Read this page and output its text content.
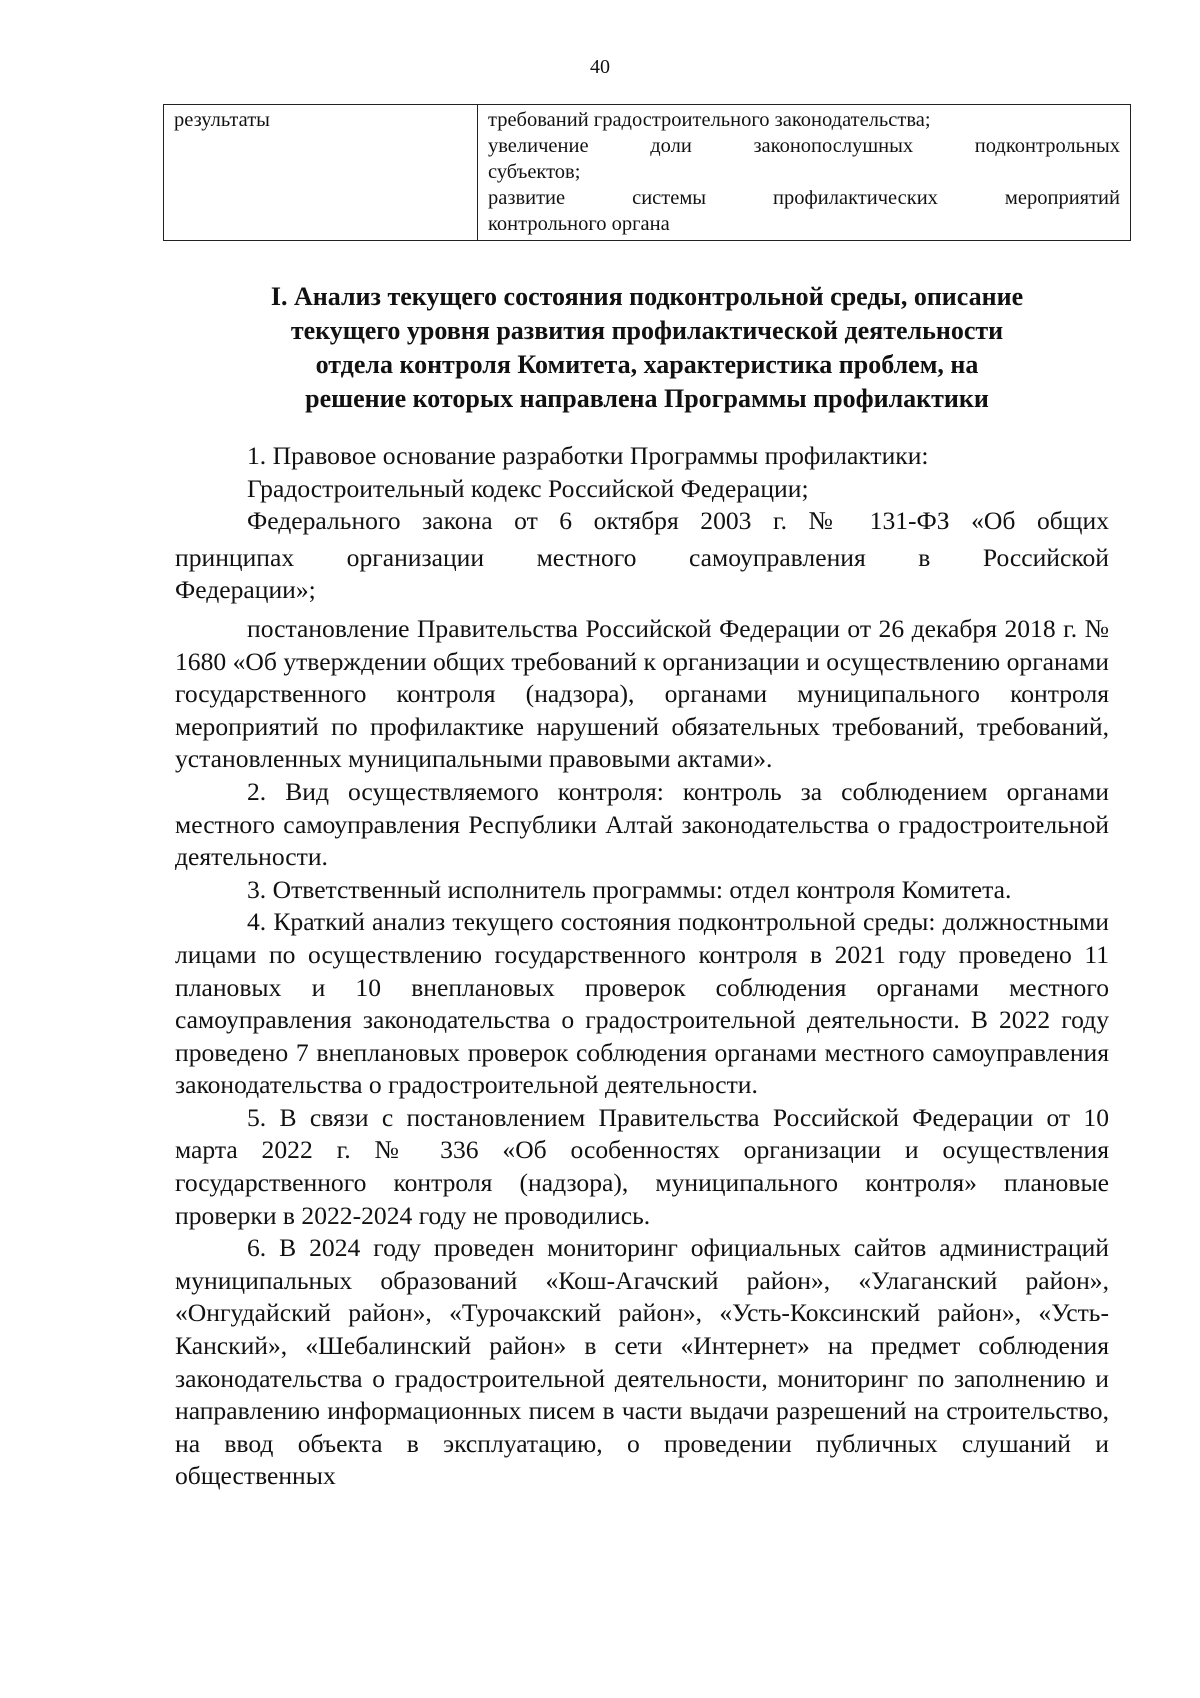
40
результаты	требований градостроительного законодательства;
увеличение доли законопослушных подконтрольных
субъектов;
развитие системы профилактических мероприятий
контрольного органа
I. Анализ текущего состояния подконтрольной среды, описание
текущего уровня развития профилактической деятельности
отдела контроля Комитета, характеристика проблем, на
решение которых направлена Программы профилактики

1. Правовое основание разработки Программы профилактики:

Градостроительный кодекс Российской Федерации;

Федерального закона от 6 октября 2003 г. № 131-ФЗ «Об общих
принципах организации местного самоуправления в Российской
Федерации»;

постановление Правительства Российской Федерации от 26 декабря 2018 г. № 1680 «Об утверждении общих требований к организации и осуществлению органами государственного контроля (надзора), органами муниципального контроля мероприятий по профилактике нарушений обязательных требований, требований, установленных муниципальными правовыми актами».

2. Вид осуществляемого контроля: контроль за соблюдением органами местного самоуправления Республики Алтай законодательства о градостроительной деятельности.

3. Ответственный исполнитель программы: отдел контроля Комитета.

4. Краткий анализ текущего состояния подконтрольной среды: должностными лицами по осуществлению государственного контроля в 2021 году проведено 11 плановых и 10 внеплановых проверок соблюдения органами местного самоуправления законодательства о градостроительной деятельности. В 2022 году проведено 7 внеплановых проверок соблюдения органами местного самоуправления законодательства о градостроительной деятельности.

5. В связи с постановлением Правительства Российской Федерации от 10 марта 2022 г. № 336 «Об особенностях организации и осуществления государственного контроля (надзора), муниципального контроля» плановые проверки в 2022-2024 году не проводились.

6. В 2024 году проведен мониторинг официальных сайтов администраций муниципальных образований «Кош-Агачский район», «Улаганский район», «Онгудайский район», «Турочакский район», «Усть-Коксинский район», «Усть-Канский», «Шебалинский район» в сети «Интернет» на предмет соблюдения законодательства о градостроительной деятельности, мониторинг по заполнению и направлению информационных писем в части выдачи разрешений на строительство, на ввод объекта в эксплуатацию, о проведении публичных слушаний и общественных
